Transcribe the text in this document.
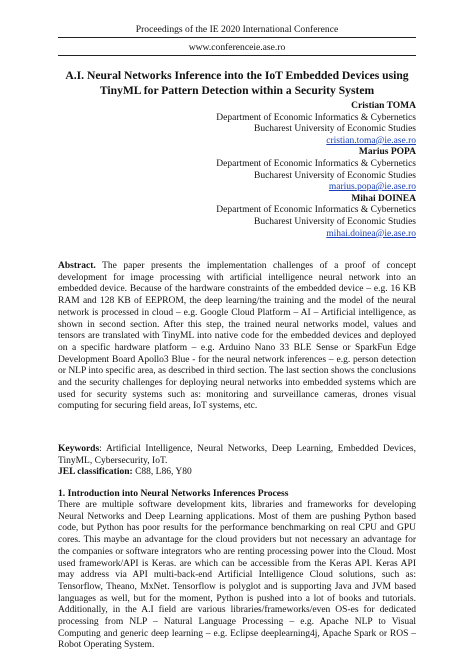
Proceedings of the IE 2020 International Conference
www.conferenceie.ase.ro
A.I. Neural Networks Inference into the IoT Embedded Devices using
TinyML for Pattern Detection within a Security System
Cristian TOMA
Department of Economic Informatics & Cybernetics
Bucharest University of Economic Studies
cristian.toma@ie.ase.ro
Marius POPA
Department of Economic Informatics & Cybernetics
Bucharest University of Economic Studies
marius.popa@ie.ase.ro
Mihai DOINEA
Department of Economic Informatics & Cybernetics
Bucharest University of Economic Studies
mihai.doinea@ie.ase.ro
Abstract. The paper presents the implementation challenges of a proof of concept development for image processing with artificial intelligence neural network into an embedded device. Because of the hardware constraints of the embedded device – e.g. 16 KB RAM and 128 KB of EEPROM, the deep learning/the training and the model of the neural network is processed in cloud – e.g. Google Cloud Platform – AI – Artificial intelligence, as shown in second section. After this step, the trained neural networks model, values and tensors are translated with TinyML into native code for the embedded devices and deployed on a specific hardware platform – e.g. Arduino Nano 33 BLE Sense or SparkFun Edge Development Board Apollo3 Blue - for the neural network inferences – e.g. person detection or NLP into specific area, as described in third section. The last section shows the conclusions and the security challenges for deploying neural networks into embedded systems which are used for security systems such as: monitoring and surveillance cameras, drones visual computing for securing field areas, IoT systems, etc.
Keywords: Artificial Intelligence, Neural Networks, Deep Learning, Embedded Devices, TinyML, Cybersecurity, IoT.
JEL classification: C88, L86, Y80
1. Introduction into Neural Networks Inferences Process
There are multiple software development kits, libraries and frameworks for developing Neural Networks and Deep Learning applications. Most of them are pushing Python based code, but Python has poor results for the performance benchmarking on real CPU and GPU cores. This maybe an advantage for the cloud providers but not necessary an advantage for the companies or software integrators who are renting processing power into the Cloud. Most used framework/API is Keras. are which can be accessible from the Keras API. Keras API may address via API multi-back-end Artificial Intelligence Cloud solutions, such as: Tensorflow, Theano, MxNet. Tensorflow is polyglot and is supporting Java and JVM based languages as well, but for the moment, Python is pushed into a lot of books and tutorials. Additionally, in the A.I field are various libraries/frameworks/even OS-es for dedicated processing from NLP – Natural Language Processing – e.g. Apache NLP to Visual Computing and generic deep learning – e.g. Eclipse deeplearning4j, Apache Spark or ROS – Robot Operating System.
